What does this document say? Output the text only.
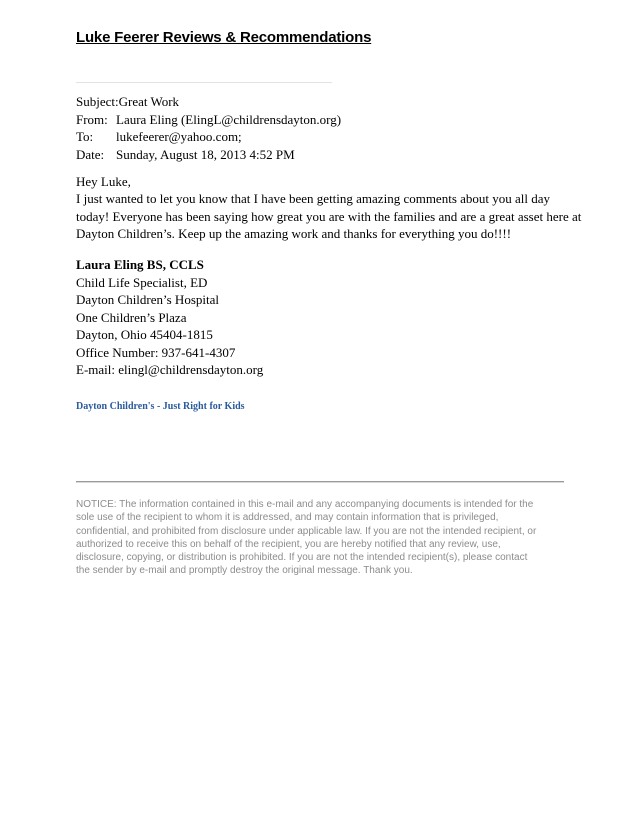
Luke Feerer Reviews & Recommendations
Subject: Great Work
From: Laura Eling (ElingL@childrensdayton.org)
To:	lukefeerer@yahoo.com;
Date: Sunday, August 18, 2013 4:52 PM
Hey Luke,

I just wanted to let you know that I have been getting amazing comments about you all day

today! Everyone has been saying how great you are with the families and are a great asset here at

Dayton Children’s. Keep up the amazing work and thanks for everything you do!!!!

Laura Eling BS, CCLS
Child Life Specialist, ED
Dayton Children’s Hospital
One Children’s Plaza
Dayton, Ohio 45404-1815
Office Number: 937-641-4307
E-mail: elingl@childrensdayton.org
Dayton Children's - Just Right for Kids
NOTICE: The information contained in this e-mail and any accompanying documents is intended for the
sole use of the recipient to whom it is addressed, and may contain information that is privileged,
confidential, and prohibited from disclosure under applicable law. If you are not the intended recipient, or
authorized to receive this on behalf of the recipient, you are hereby notified that any review, use,
disclosure, copying, or distribution is prohibited. If you are not the intended recipient(s), please contact
the sender by e-mail and promptly destroy the original message. Thank you.
